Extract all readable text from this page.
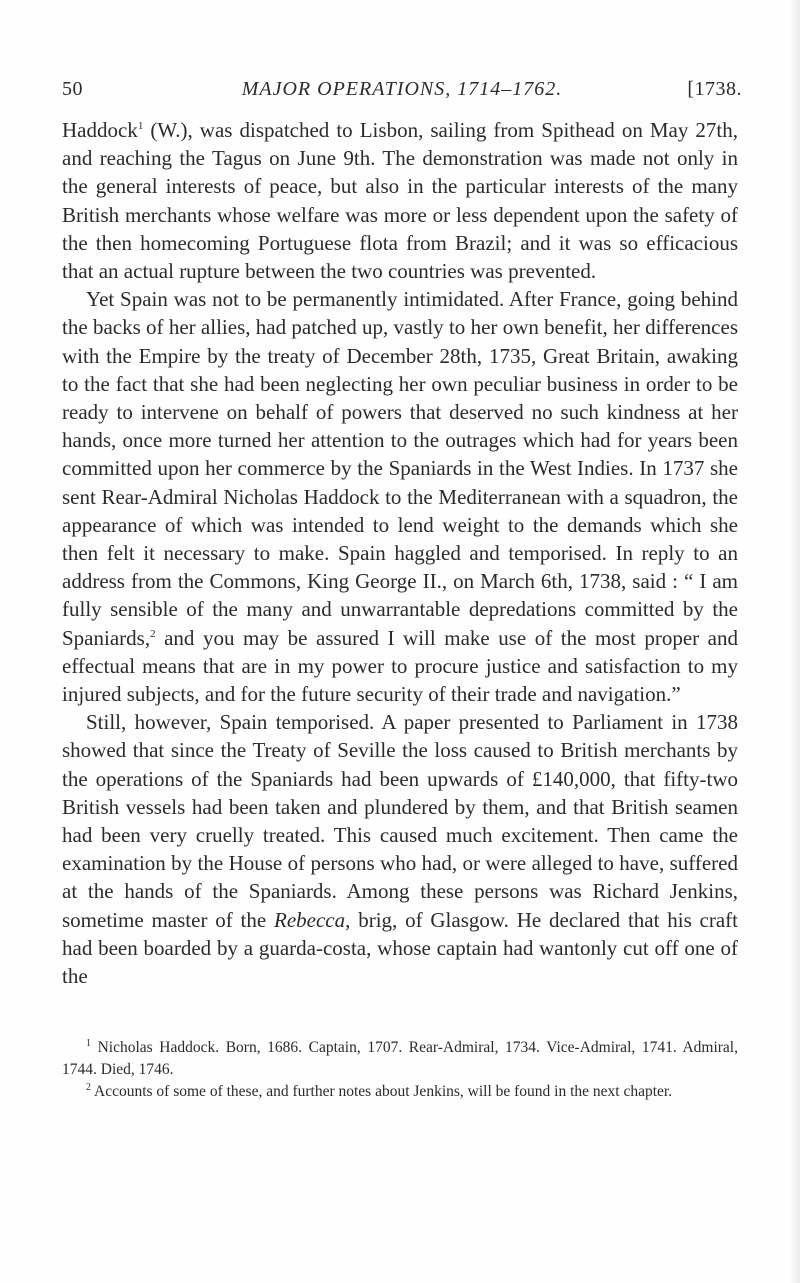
50	MAJOR OPERATIONS, 1714–1762.	[1738.

Haddock$^1$ (W.), was dispatched to Lisbon, sailing from Spithead on May 27th, and reaching the Tagus on June 9th. The demonstration was made not only in the general interests of peace, but also in the particular interests of the many British merchants whose welfare was more or less dependent upon the safety of the then homecoming Portuguese flota from Brazil; and it was so efficacious that an actual rupture between the two countries was prevented.

Yet Spain was not to be permanently intimidated. After France, going behind the backs of her allies, had patched up, vastly to her own benefit, her differences with the Empire by the treaty of December 28th, 1735, Great Britain, awaking to the fact that she had been neglecting her own peculiar business in order to be ready to intervene on behalf of powers that deserved no such kindness at her hands, once more turned her attention to the outrages which had for years been committed upon her commerce by the Spaniards in the West Indies. In 1737 she sent Rear-Admiral Nicholas Haddock to the Mediterranean with a squadron, the appearance of which was intended to lend weight to the demands which she then felt it necessary to make. Spain haggled and temporised. In reply to an address from the Commons, King George II., on March 6th, 1738, said : “ I am fully sensible of the many and unwarrantable depredations committed by the Spaniards,$^2$ and you may be assured I will make use of the most proper and effectual means that are in my power to procure justice and satisfaction to my injured subjects, and for the future security of their trade and navigation.”

Still, however, Spain temporised. A paper presented to Parliament in 1738 showed that since the Treaty of Seville the loss caused to British merchants by the operations of the Spaniards had been upwards of £140,000, that fifty-two British vessels had been taken and plundered by them, and that British seamen had been very cruelly treated. This caused much excitement. Then came the examination by the House of persons who had, or were alleged to have, suffered at the hands of the Spaniards. Among these persons was Richard Jenkins, sometime master of the Rebecca, brig, of Glasgow. He declared that his craft had been boarded by a guarda-costa, whose captain had wantonly cut off one of the

$^1$ Nicholas Haddock. Born, 1686. Captain, 1707. Rear-Admiral, 1734. Vice-Admiral, 1741. Admiral, 1744. Died, 1746.

$^2$ Accounts of some of these, and further notes about Jenkins, will be found in the next chapter.
